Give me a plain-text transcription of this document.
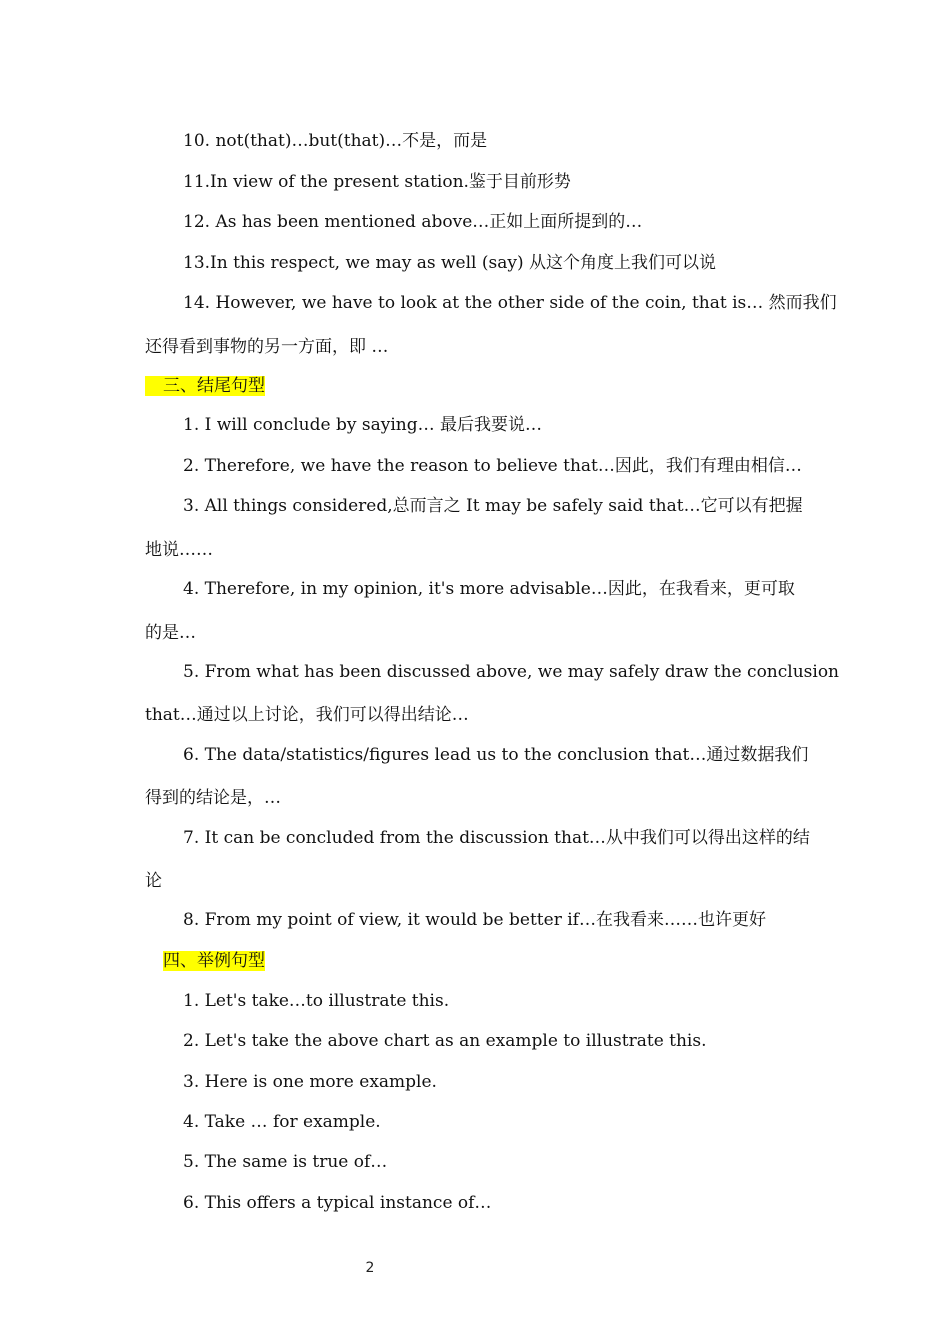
10. not(that)…but(that)…不是，而是
11.In view of the present station.鉴于目前形势
12. As has been mentioned above…正如上面所提到的…
13.In this respect, we may as well (say) 从这个角度上我们可以说
14. However, we have to look at the other side of the coin, that is… 然而我们
还得看到事物的另一方面，即 …
三、结尾句型
1. I will conclude by saying… 最后我要说…
2. Therefore, we have the reason to believe that…因此，我们有理由相信…
3. All things considered,总而言之 It may be safely said that…它可以有把握
地说……
4. Therefore, in my opinion, it's more advisable…因此，在我看来，更可取
的是…
5. From what has been discussed above, we may safely draw the conclusion
that…通过以上讨论，我们可以得出结论…
6. The data/statistics/figures lead us to the conclusion that…通过数据我们
得到的结论是，…
7. It can be concluded from the discussion that…从中我们可以得出这样的结
论
8. From my point of view, it would be better if…在我看来……也许更好
四、举例句型
1. Let's take…to illustrate this.
2. Let's take the above chart as an example to illustrate this.
3. Here is one more example.
4. Take … for example.
5. The same is true of…
6. This offers a typical instance of…
2
